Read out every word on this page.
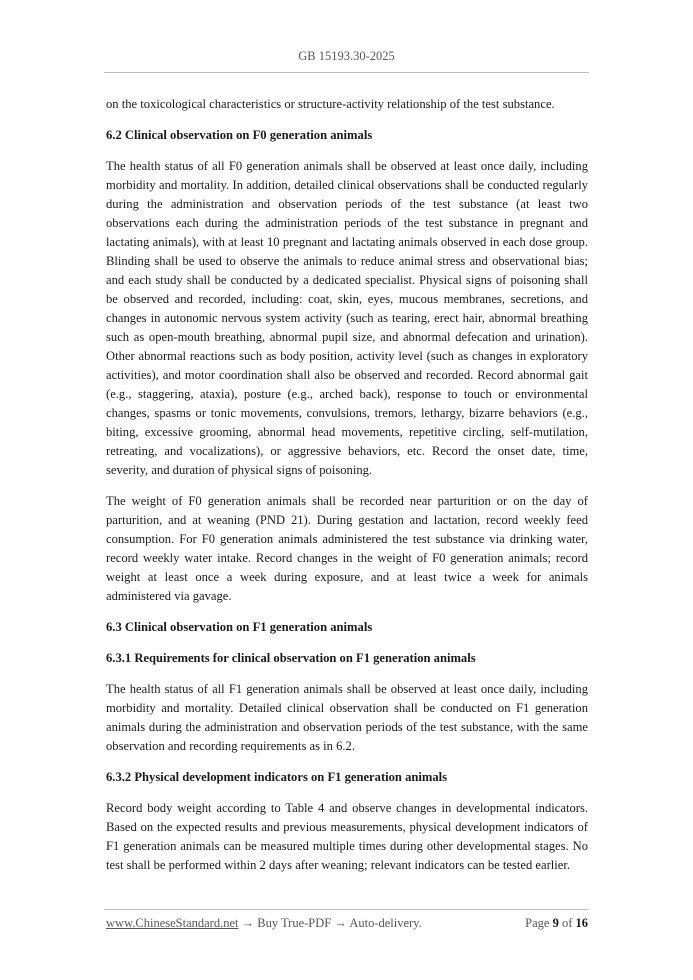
GB 15193.30-2025

on the toxicological characteristics or structure-activity relationship of the test substance.

6.2 Clinical observation on F0 generation animals

The health status of all F0 generation animals shall be observed at least once daily, including morbidity and mortality. In addition, detailed clinical observations shall be conducted regularly during the administration and observation periods of the test substance (at least two observations each during the administration periods of the test substance in pregnant and lactating animals), with at least 10 pregnant and lactating animals observed in each dose group. Blinding shall be used to observe the animals to reduce animal stress and observational bias; and each study shall be conducted by a dedicated specialist. Physical signs of poisoning shall be observed and recorded, including: coat, skin, eyes, mucous membranes, secretions, and changes in autonomic nervous system activity (such as tearing, erect hair, abnormal breathing such as open-mouth breathing, abnormal pupil size, and abnormal defecation and urination). Other abnormal reactions such as body position, activity level (such as changes in exploratory activities), and motor coordination shall also be observed and recorded. Record abnormal gait (e.g., staggering, ataxia), posture (e.g., arched back), response to touch or environmental changes, spasms or tonic movements, convulsions, tremors, lethargy, bizarre behaviors (e.g., biting, excessive grooming, abnormal head movements, repetitive circling, self-mutilation, retreating, and vocalizations), or aggressive behaviors, etc. Record the onset date, time, severity, and duration of physical signs of poisoning.

The weight of F0 generation animals shall be recorded near parturition or on the day of parturition, and at weaning (PND 21). During gestation and lactation, record weekly feed consumption. For F0 generation animals administered the test substance via drinking water, record weekly water intake. Record changes in the weight of F0 generation animals; record weight at least once a week during exposure, and at least twice a week for animals administered via gavage.

6.3 Clinical observation on F1 generation animals
6.3.1 Requirements for clinical observation on F1 generation animals

The health status of all F1 generation animals shall be observed at least once daily, including morbidity and mortality. Detailed clinical observation shall be conducted on F1 generation animals during the administration and observation periods of the test substance, with the same observation and recording requirements as in 6.2.

6.3.2 Physical development indicators on F1 generation animals

Record body weight according to Table 4 and observe changes in developmental indicators. Based on the expected results and previous measurements, physical development indicators of F1 generation animals can be measured multiple times during other developmental stages. No test shall be performed within 2 days after weaning; relevant indicators can be tested earlier.

www.ChineseStandard.net → Buy True-PDF → Auto-delivery.	Page 9 of 16
